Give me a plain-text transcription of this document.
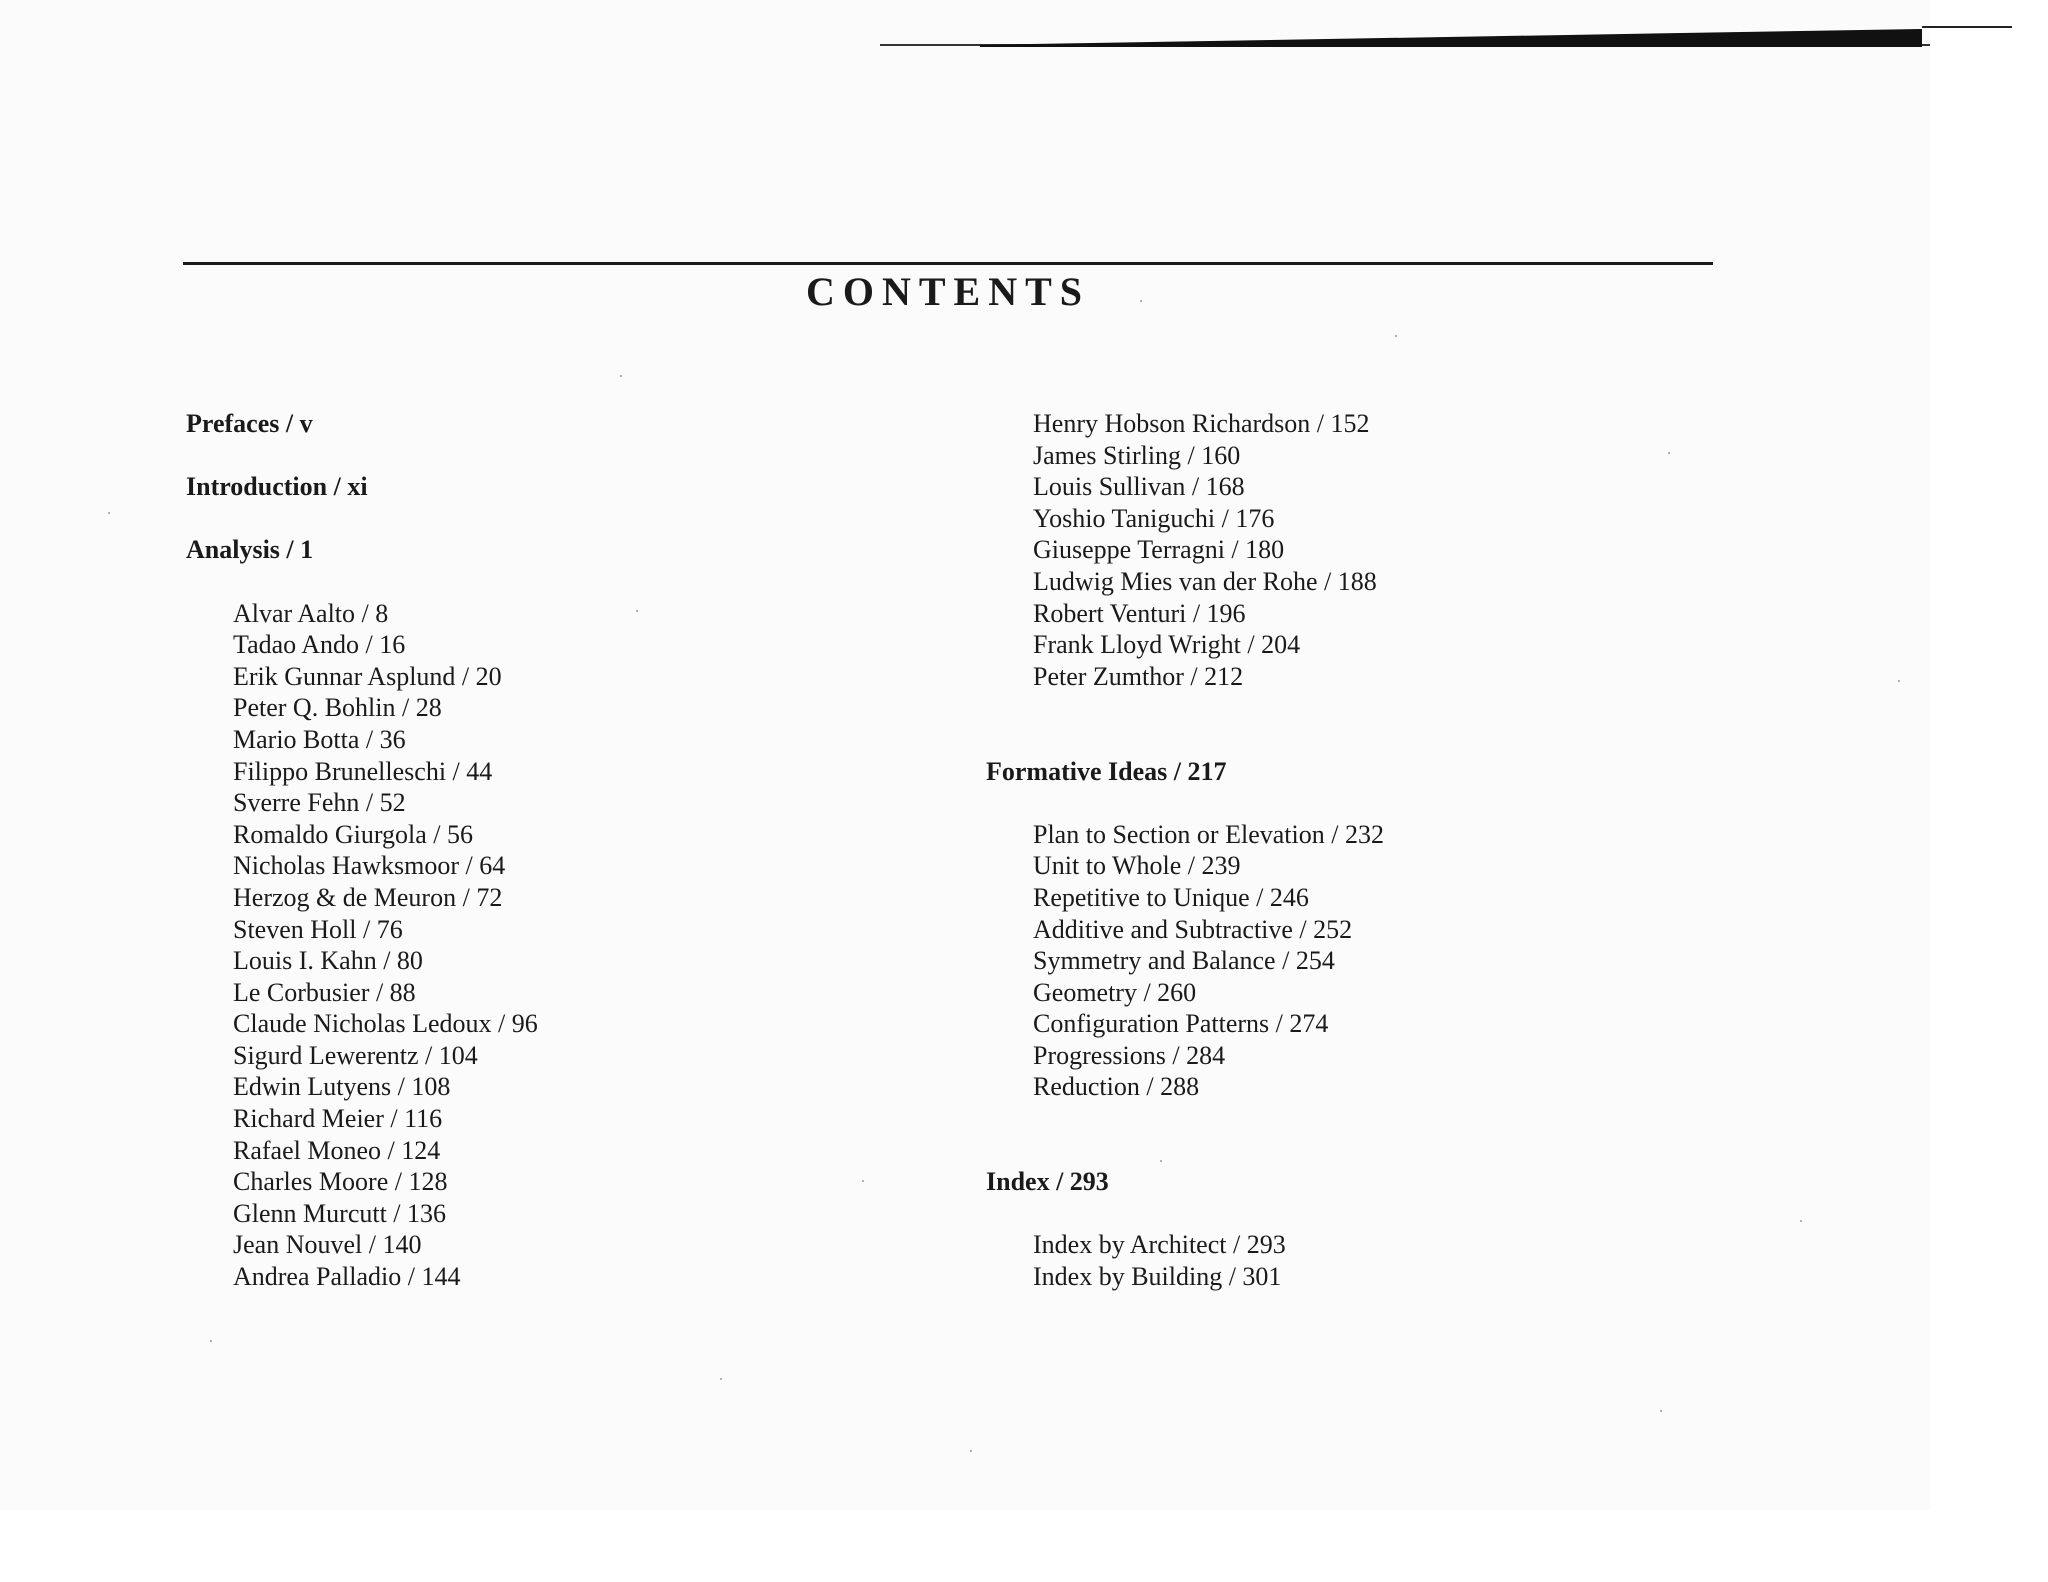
CONTENTS
Prefaces / v
Introduction / xi
Analysis / 1
Alvar Aalto / 8
Tadao Ando / 16
Erik Gunnar Asplund / 20
Peter Q. Bohlin / 28
Mario Botta / 36
Filippo Brunelleschi / 44
Sverre Fehn / 52
Romaldo Giurgola / 56
Nicholas Hawksmoor / 64
Herzog & de Meuron / 72
Steven Holl / 76
Louis I. Kahn / 80
Le Corbusier / 88
Claude Nicholas Ledoux / 96
Sigurd Lewerentz / 104
Edwin Lutyens / 108
Richard Meier / 116
Rafael Moneo / 124
Charles Moore / 128
Glenn Murcutt / 136
Jean Nouvel / 140
Andrea Palladio / 144
Henry Hobson Richardson / 152
James Stirling / 160
Louis Sullivan / 168
Yoshio Taniguchi / 176
Giuseppe Terragni / 180
Ludwig Mies van der Rohe / 188
Robert Venturi / 196
Frank Lloyd Wright / 204
Peter Zumthor / 212
Formative Ideas / 217
Plan to Section or Elevation / 232
Unit to Whole / 239
Repetitive to Unique / 246
Additive and Subtractive / 252
Symmetry and Balance / 254
Geometry / 260
Configuration Patterns / 274
Progressions / 284
Reduction / 288
Index / 293
Index by Architect / 293
Index by Building / 301
